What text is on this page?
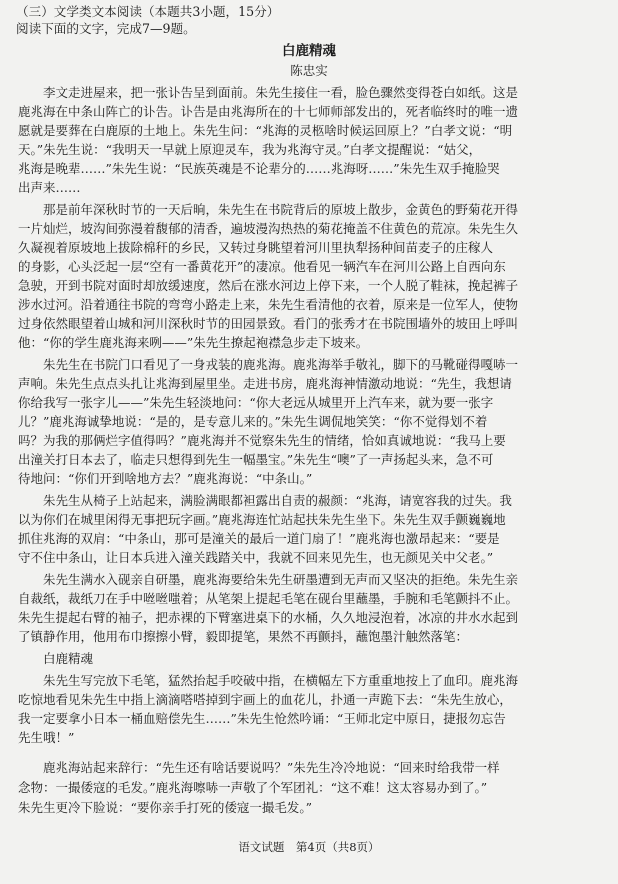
（三）文学类文本阅读（本题共3小题，15分）
阅读下面的文字，完成7—9题。
白鹿精魂
陈忠实
　　李文走进屋来，把一张讣告呈到面前。朱先生接住一看，脸色骤然变得苍白如纸。这是
鹿兆海在中条山阵亡的讣告。讣告是由兆海所在的十七师师部发出的，死者临终时的唯一遗
愿就是要葬在白鹿原的土地上。朱先生问：“兆海的灵柩啥时候运回原上？”白孝文说：“明
天。”朱先生说：“我明天一早就上原迎灵车，我为兆海守灵。”白孝文提醒说：“姑父，
兆海是晚辈……”朱先生说：“民族英魂是不论辈分的……兆海呀……”朱先生双手掩脸哭
出声来……
　　那是前年深秋时节的一天后晌，朱先生在书院背后的原坡上散步，金黄色的野菊花开得
一片灿烂，坡沟间弥漫着馥郁的清香，遍坡漫沟热热的菊花掩盖不住黄色的荒凉。朱先生久
久凝视着原坡地上拔除棉秆的乡民，又转过身眺望着河川里执犁扬种间苗麦子的庄稼人
的身影，心头泛起一层“空有一番黄花开”的凄凉。他看见一辆汽车在河川公路上自西向东
急驶，开到书院对面时却放缓速度，然后在涨水河边上停下来，一个人脱了鞋袜，挽起裤子
涉水过河。沿着通往书院的弯弯小路走上来，朱先生看清他的衣着，原来是一位军人，使物
过身依然眼望着山城和河川深秋时节的田园景致。看门的张秀才在书院围墙外的坡田上呼叫
他：“你的学生鹿兆海来咧——”朱先生撩起袍襟急步走下坡来。
　　朱先生在书院门口看见了一身戎装的鹿兆海。鹿兆海举手敬礼，脚下的马靴碰得嘎哧一
声响。朱先生点点头扎让兆海到屋里坐。走进书房，鹿兆海神情激动地说：“先生，我想请
你给我写一张字儿——”朱先生轻淡地问：“你大老远从城里开上汽车来，就为要一张字
儿？”鹿兆海诚挚地说：“是的，是专意儿来的。”朱先生调侃地笑笑：“你不觉得划不着
吗？为我的那俩烂字值得吗？”鹿兆海并不觉察朱先生的情绪，恰如真诚地说：“我马上要
出潼关打日本去了，临走只想得到先生一幅墨宝。”朱先生“噢”了一声扬起头来，急不可
待地问：“你们开到啥地方去？”鹿兆海说：“中条山。”
　　朱先生从椅子上站起来，满脸满眼都袒露出自责的赧颜：“兆海，请宽容我的过失。我
以为你们在城里闲得无事把玩字画。”鹿兆海连忙站起扶朱先生坐下。朱先生双手颤巍巍地
抓住兆海的双肩：“中条山，那可是潼关的最后一道门扇了！”鹿兆海也激昂起来：“要是
守不住中条山，让日本兵进入潼关践踏关中，我就不回来见先生，也无颜见关中父老。”
　　朱先生满水入砚亲自研墨，鹿兆海要给朱先生研墨遭到无声而又坚决的拒绝。朱先生亲
自裁纸，裁纸刀在手中咝咝嗤着；从笔架上提起毛笔在砚台里蘸墨，手腕和毛笔颤抖不止。
朱先生提起右臂的袖子，把赤裸的下臂塞进桌下的水桶，久久地浸泡着，冰凉的井水水起到
了镇静作用，他用布巾擦擦小臂，毅即提笔，果然不再颤抖，蘸饱墨汁触然落笔：
　　白鹿精魂
　　朱先生写完放下毛笔，猛然抬起手咬破中指，在横幅左下方重重地按上了血印。鹿兆海
吃惊地看见朱先生中指上滴滴嗒嗒掉到宇画上的血花儿，扑通一声跪下去：“朱先生放心，
我一定要拿小日本一桶血赔偿先生……”朱先生怆然吟诵：“王师北定中原日，捷报勿忘告
先生哦！”
　　鹿兆海站起来辞行：“先生还有啥话要说吗？”朱先生冷冷地说：“回来时给我带一样
念物：一撮倭寇的毛发。”鹿兆海嚓哧一声敬了个军团礼：“这不难！这太容易办到了。”
朱先生更冷下脸说：“要你亲手打死的倭寇一撮毛发。”
语文试题　第4页（共8页）
